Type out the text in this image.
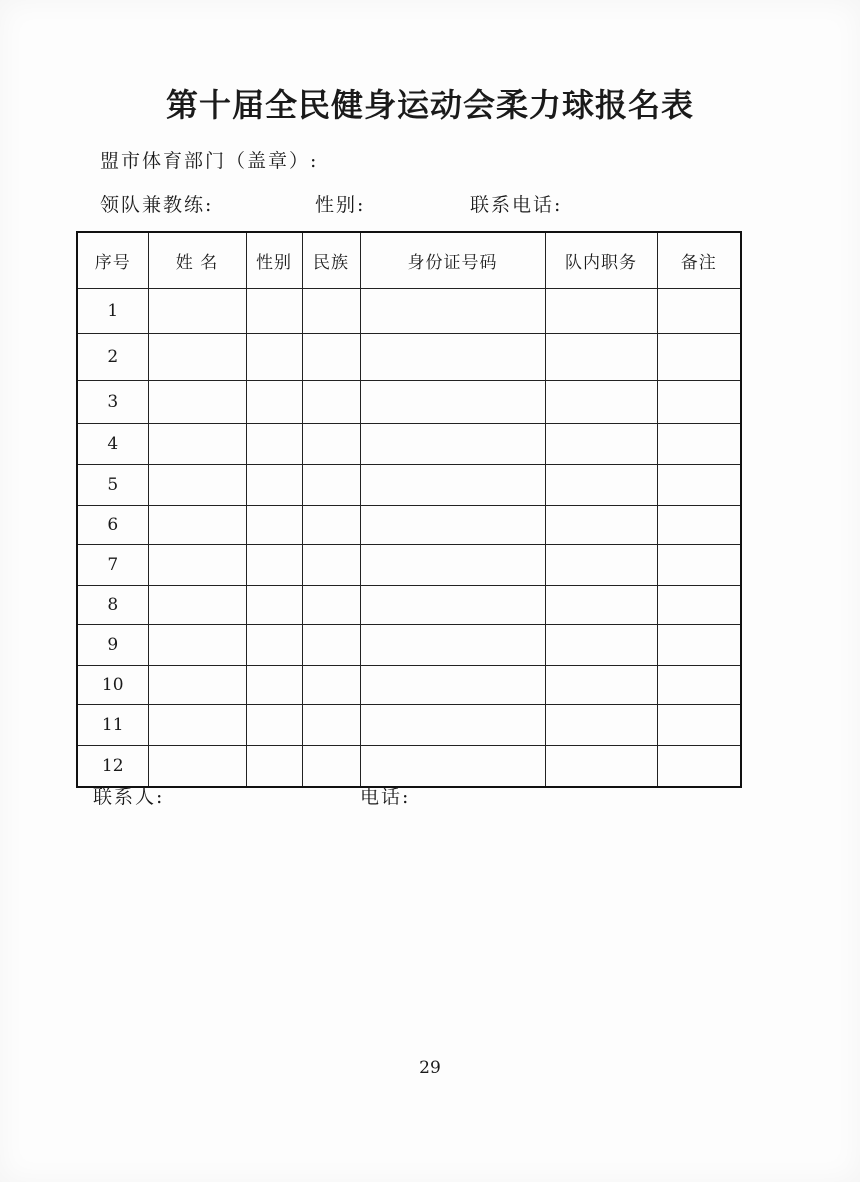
第十届全民健身运动会柔力球报名表
盟市体育部门（盖章）:
领队兼教练:	性别:	联系电话:
序号	姓 名	性别	民族	身份证号码	队内职务	备注
1						
2						
3						
4						
5						
6						
7						
8						
9						
10						
11						
12						
联系人:	电话:
29
